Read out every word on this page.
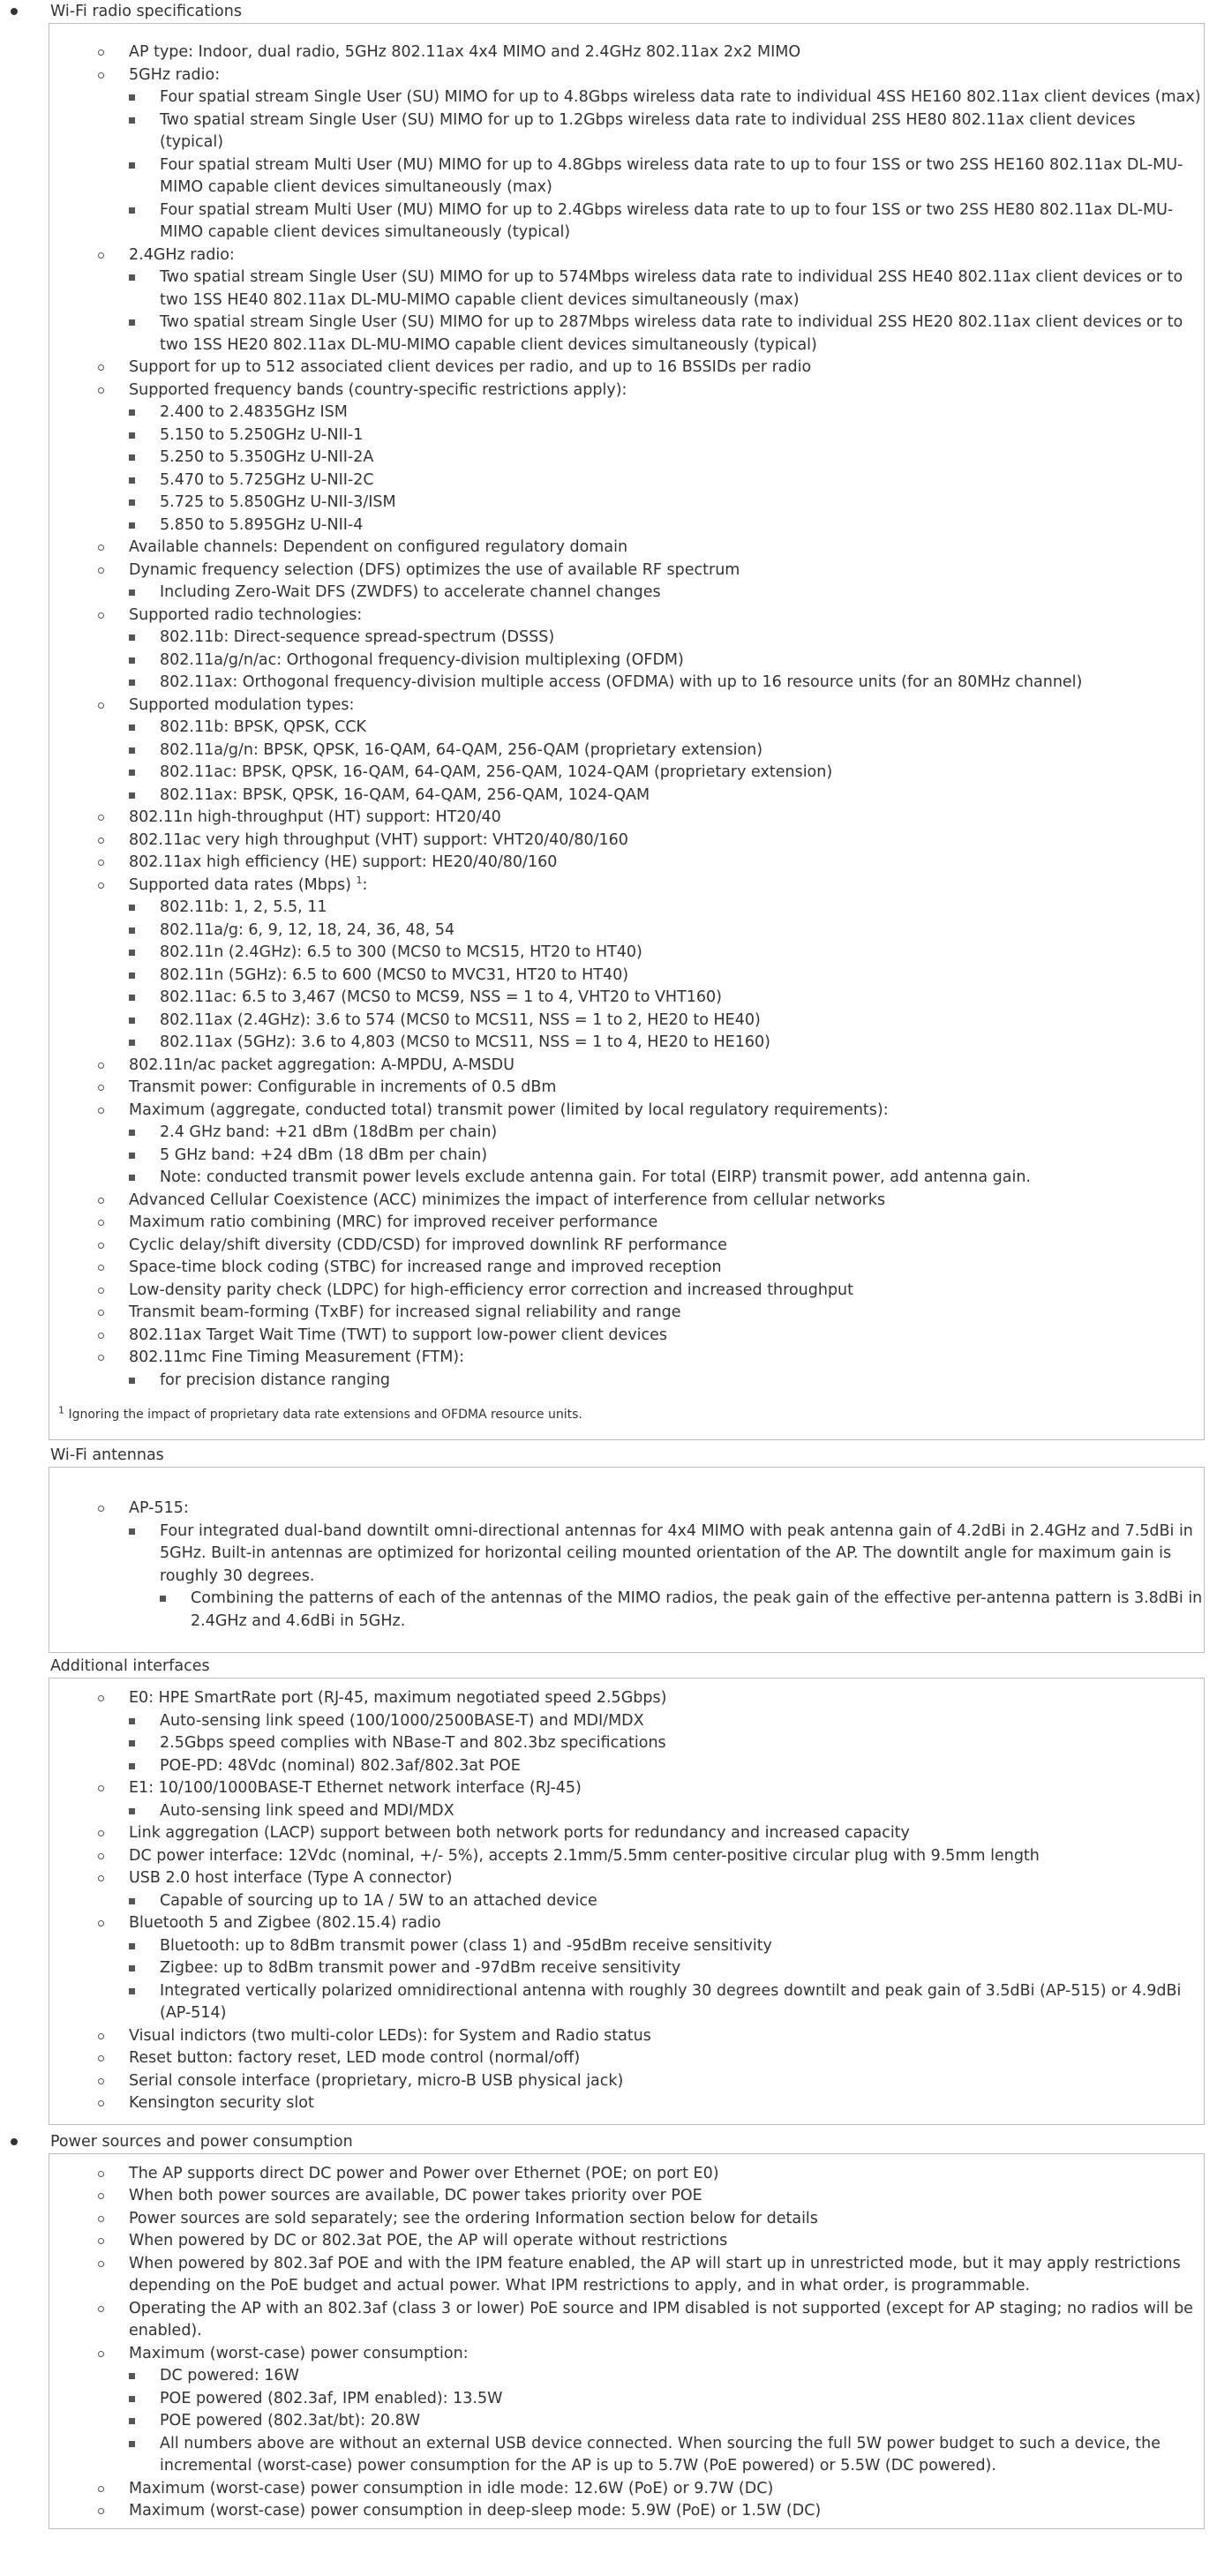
Wi-Fi radio specifications
AP type: Indoor, dual radio, 5GHz 802.11ax 4x4 MIMO and 2.4GHz 802.11ax 2x2 MIMO
5GHz radio:
Four spatial stream Single User (SU) MIMO for up to 4.8Gbps wireless data rate to individual 4SS HE160 802.11ax client devices (max)
Two spatial stream Single User (SU) MIMO for up to 1.2Gbps wireless data rate to individual 2SS HE80 802.11ax client devices (typical)
Four spatial stream Multi User (MU) MIMO for up to 4.8Gbps wireless data rate to up to four 1SS or two 2SS HE160 802.11ax DL-MU-MIMO capable client devices simultaneously (max)
Four spatial stream Multi User (MU) MIMO for up to 2.4Gbps wireless data rate to up to four 1SS or two 2SS HE80 802.11ax DL-MU-MIMO capable client devices simultaneously (typical)
2.4GHz radio:
Two spatial stream Single User (SU) MIMO for up to 574Mbps wireless data rate to individual 2SS HE40 802.11ax client devices or to two 1SS HE40 802.11ax DL-MU-MIMO capable client devices simultaneously (max)
Two spatial stream Single User (SU) MIMO for up to 287Mbps wireless data rate to individual 2SS HE20 802.11ax client devices or to two 1SS HE20 802.11ax DL-MU-MIMO capable client devices simultaneously (typical)
Support for up to 512 associated client devices per radio, and up to 16 BSSIDs per radio
Supported frequency bands (country-specific restrictions apply):
2.400 to 2.4835GHz ISM
5.150 to 5.250GHz U-NII-1
5.250 to 5.350GHz U-NII-2A
5.470 to 5.725GHz U-NII-2C
5.725 to 5.850GHz U-NII-3/ISM
5.850 to 5.895GHz U-NII-4
Available channels: Dependent on configured regulatory domain
Dynamic frequency selection (DFS) optimizes the use of available RF spectrum
Including Zero-Wait DFS (ZWDFS) to accelerate channel changes
Supported radio technologies:
802.11b: Direct-sequence spread-spectrum (DSSS)
802.11a/g/n/ac: Orthogonal frequency-division multiplexing (OFDM)
802.11ax: Orthogonal frequency-division multiple access (OFDMA) with up to 16 resource units (for an 80MHz channel)
Supported modulation types:
802.11b: BPSK, QPSK, CCK
802.11a/g/n: BPSK, QPSK, 16-QAM, 64-QAM, 256-QAM (proprietary extension)
802.11ac: BPSK, QPSK, 16-QAM, 64-QAM, 256-QAM, 1024-QAM (proprietary extension)
802.11ax: BPSK, QPSK, 16-QAM, 64-QAM, 256-QAM, 1024-QAM
802.11n high-throughput (HT) support: HT20/40
802.11ac very high throughput (VHT) support: VHT20/40/80/160
802.11ax high efficiency (HE) support: HE20/40/80/160
Supported data rates (Mbps) $^1$:
802.11b: 1, 2, 5.5, 11
802.11a/g: 6, 9, 12, 18, 24, 36, 48, 54
802.11n (2.4GHz): 6.5 to 300 (MCS0 to MCS15, HT20 to HT40)
802.11n (5GHz): 6.5 to 600 (MCS0 to MVC31, HT20 to HT40)
802.11ac: 6.5 to 3,467 (MCS0 to MCS9, NSS = 1 to 4, VHT20 to VHT160)
802.11ax (2.4GHz): 3.6 to 574 (MCS0 to MCS11, NSS = 1 to 2, HE20 to HE40)
802.11ax (5GHz): 3.6 to 4,803 (MCS0 to MCS11, NSS = 1 to 4, HE20 to HE160)
802.11n/ac packet aggregation: A-MPDU, A-MSDU
Transmit power: Configurable in increments of 0.5 dBm
Maximum (aggregate, conducted total) transmit power (limited by local regulatory requirements):
2.4 GHz band: +21 dBm (18dBm per chain)
5 GHz band: +24 dBm (18 dBm per chain)
Note: conducted transmit power levels exclude antenna gain. For total (EIRP) transmit power, add antenna gain.
Advanced Cellular Coexistence (ACC) minimizes the impact of interference from cellular networks
Maximum ratio combining (MRC) for improved receiver performance
Cyclic delay/shift diversity (CDD/CSD) for improved downlink RF performance
Space-time block coding (STBC) for increased range and improved reception
Low-density parity check (LDPC) for high-efficiency error correction and increased throughput
Transmit beam-forming (TxBF) for increased signal reliability and range
802.11ax Target Wait Time (TWT) to support low-power client devices
802.11mc Fine Timing Measurement (FTM):
for precision distance ranging
$^1$ Ignoring the impact of proprietary data rate extensions and OFDMA resource units.
Wi-Fi antennas
AP-515:
Four integrated dual-band downtilt omni-directional antennas for 4x4 MIMO with peak antenna gain of 4.2dBi in 2.4GHz and 7.5dBi in 5GHz. Built-in antennas are optimized for horizontal ceiling mounted orientation of the AP. The downtilt angle for maximum gain is roughly 30 degrees.
Combining the patterns of each of the antennas of the MIMO radios, the peak gain of the effective per-antenna pattern is 3.8dBi in 2.4GHz and 4.6dBi in 5GHz.
Additional interfaces
E0: HPE SmartRate port (RJ-45, maximum negotiated speed 2.5Gbps)
Auto-sensing link speed (100/1000/2500BASE-T) and MDI/MDX
2.5Gbps speed complies with NBase-T and 802.3bz specifications
POE-PD: 48Vdc (nominal) 802.3af/802.3at POE
E1: 10/100/1000BASE-T Ethernet network interface (RJ-45)
Auto-sensing link speed and MDI/MDX
Link aggregation (LACP) support between both network ports for redundancy and increased capacity
DC power interface: 12Vdc (nominal, +/- 5%), accepts 2.1mm/5.5mm center-positive circular plug with 9.5mm length
USB 2.0 host interface (Type A connector)
Capable of sourcing up to 1A / 5W to an attached device
Bluetooth 5 and Zigbee (802.15.4) radio
Bluetooth: up to 8dBm transmit power (class 1) and -95dBm receive sensitivity
Zigbee: up to 8dBm transmit power and -97dBm receive sensitivity
Integrated vertically polarized omnidirectional antenna with roughly 30 degrees downtilt and peak gain of 3.5dBi (AP-515) or 4.9dBi (AP-514)
Visual indictors (two multi-color LEDs): for System and Radio status
Reset button: factory reset, LED mode control (normal/off)
Serial console interface (proprietary, micro-B USB physical jack)
Kensington security slot
Power sources and power consumption
The AP supports direct DC power and Power over Ethernet (POE; on port E0)
When both power sources are available, DC power takes priority over POE
Power sources are sold separately; see the ordering Information section below for details
When powered by DC or 802.3at POE, the AP will operate without restrictions
When powered by 802.3af POE and with the IPM feature enabled, the AP will start up in unrestricted mode, but it may apply restrictions depending on the PoE budget and actual power. What IPM restrictions to apply, and in what order, is programmable.
Operating the AP with an 802.3af (class 3 or lower) PoE source and IPM disabled is not supported (except for AP staging; no radios will be enabled).
Maximum (worst-case) power consumption:
DC powered: 16W
POE powered (802.3af, IPM enabled): 13.5W
POE powered (802.3at/bt): 20.8W
All numbers above are without an external USB device connected. When sourcing the full 5W power budget to such a device, the incremental (worst-case) power consumption for the AP is up to 5.7W (PoE powered) or 5.5W (DC powered).
Maximum (worst-case) power consumption in idle mode: 12.6W (PoE) or 9.7W (DC)
Maximum (worst-case) power consumption in deep-sleep mode: 5.9W (PoE) or 1.5W (DC)
